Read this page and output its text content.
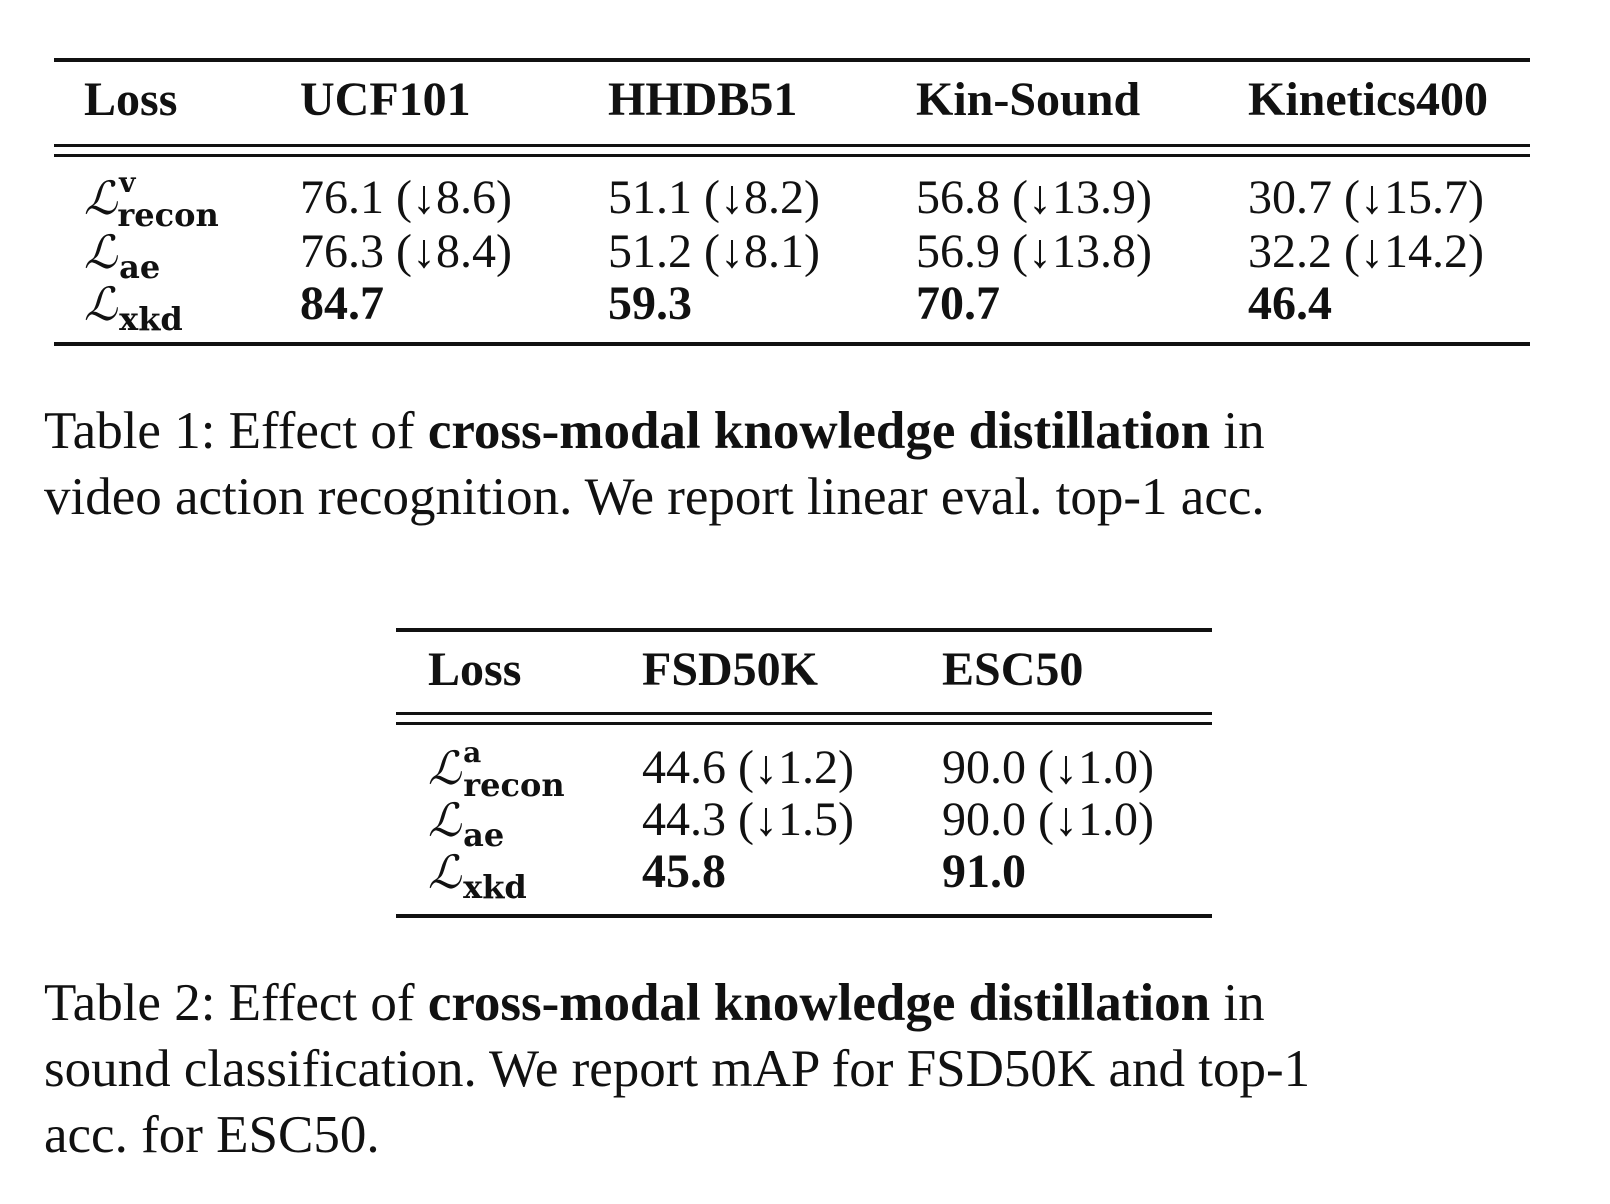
Loss	UCF101	HHDB51 Kin-Sound Kinetics400
ℒ$^v_{recon}$	76.1 (↓8.6) 51.1 (↓8.2) 56.8 (↓13.9) 30.7 (↓15.7)
ℒ$_{ae}$	76.3 (↓8.4) 51.2 (↓8.1) 56.9 (↓13.8) 32.2 (↓14.2)
ℒ$_{xkd}$ 84.7	59.3	70.7	46.4
Table 1: Effect of cross-modal knowledge distillation in
video action recognition. We report linear eval. top-1 acc.
Loss	FSD50K	ESC50
ℒ$^a_{recon}$	44.6 (↓1.2) 90.0 (↓1.0)
ℒ$_{ae}$	44.3 (↓1.5) 90.0 (↓1.0)
ℒ$_{xkd}$ 45.8	91.0
Table 2: Effect of cross-modal knowledge distillation in
sound classification. We report mAP for FSD50K and top-1
acc. for ESC50.
